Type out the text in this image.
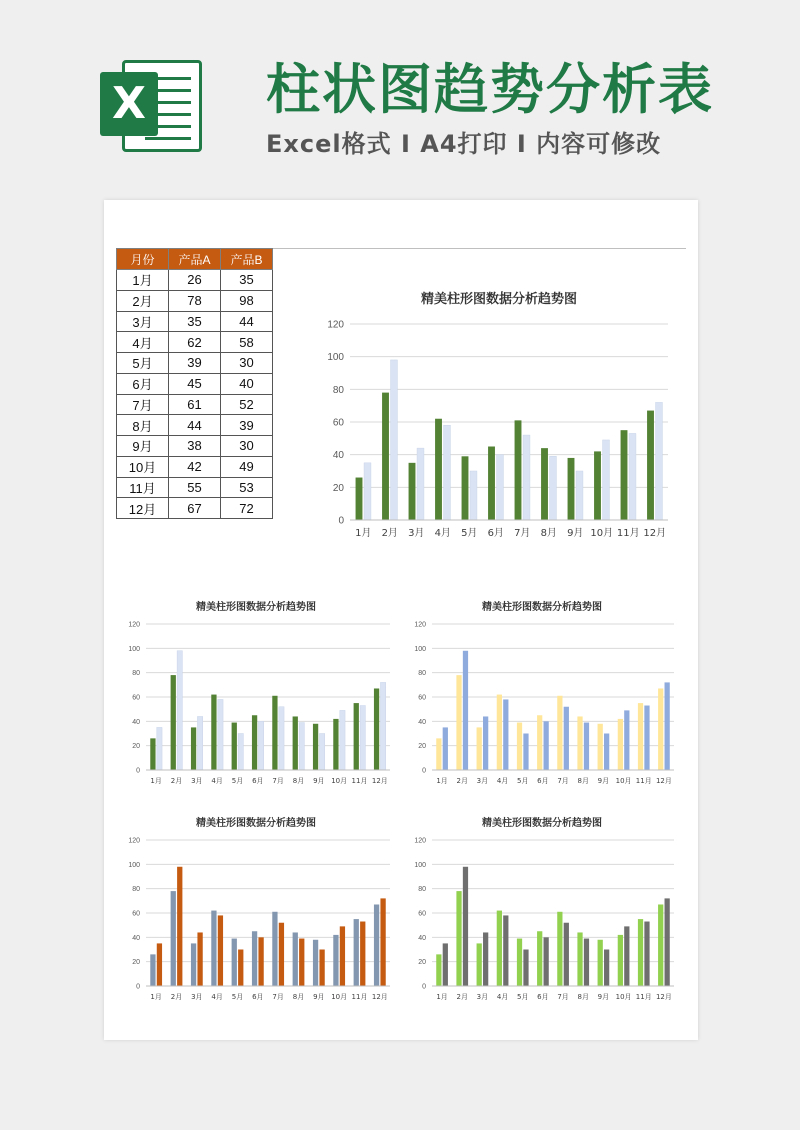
X 柱状图趋势分析表
Excel格式 I A4打印 I 内容可修改
月份	产品A	产品B
1月	26	35
2月	78	98
3月	35	44
4月	62	58
5月	39	30
6月	45	40
7月	61	52
8月	44	39
9月	38	30
10月	42	49
11月	55	53
12月	67	72
精美柱形图数据分析趋势图
0
20
40
60
80
100
120
1月 2月 3月 4月 5月 6月 7月 8月 9月 10月 11月 12月
精美柱形图数据分析趋势图
0
20
40
60
80
100
120
1月 2月 3月 4月 5月 6月 7月 8月 9月 10月 11月 12月
精美柱形图数据分析趋势图
0
20
40
60
80
100
120
1月 2月 3月 4月 5月 6月 7月 8月 9月 10月 11月 12月
精美柱形图数据分析趋势图
0
20
40
60
80
100
120
1月 2月 3月 4月 5月 6月 7月 8月 9月 10月 11月 12月
精美柱形图数据分析趋势图
0
20
40
60
80
100
120
1月 2月 3月 4月 5月 6月 7月 8月 9月 10月 11月 12月
